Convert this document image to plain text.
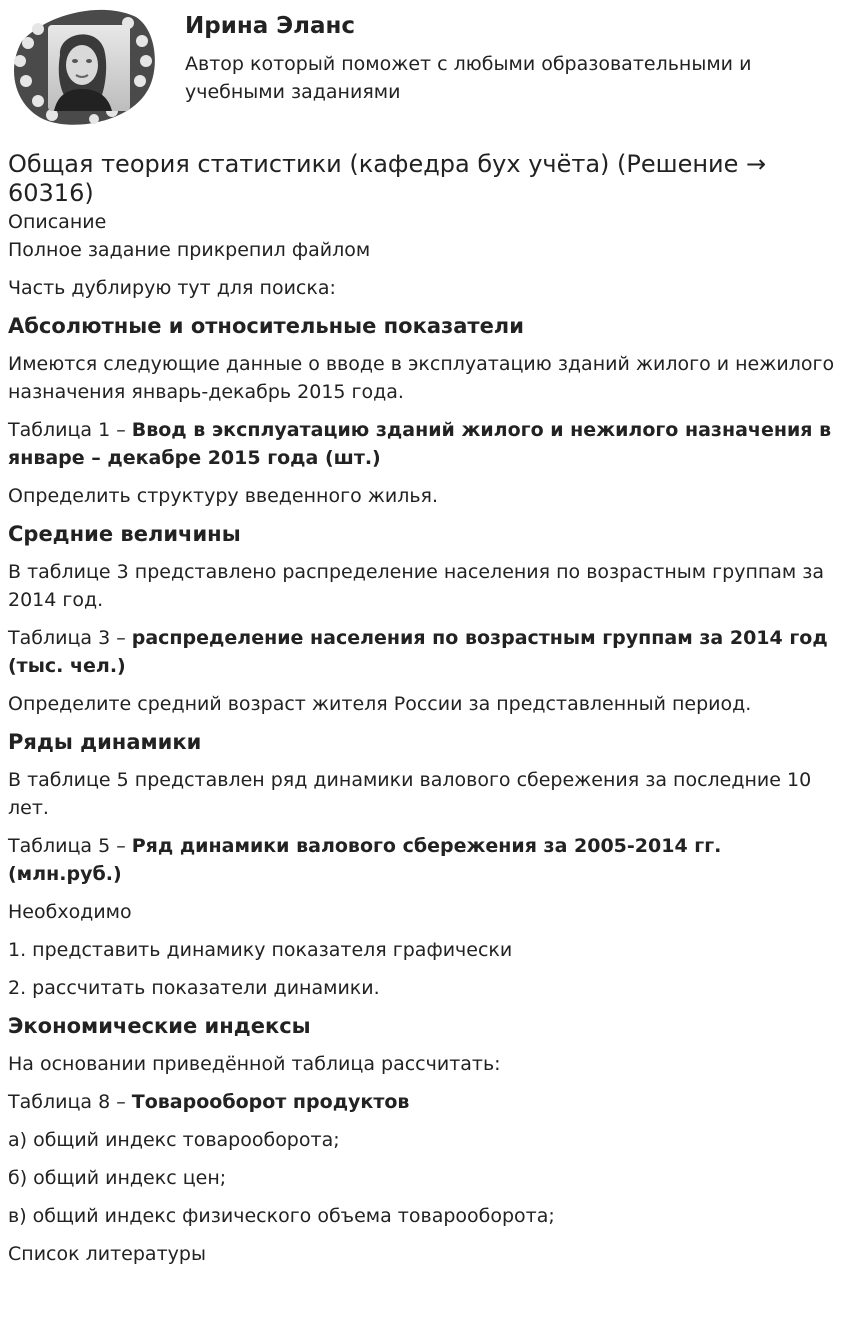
Ирина Эланс
Автор который поможет с любыми образовательными и учебными заданиями
Общая теория статистики (кафедра бух учёта) (Решение → 60316)

Описание

Полное задание прикрепил файлом

Часть дублирую тут для поиска:

Абсолютные и относительные показатели

Имеются следующие данные о вводе в эксплуатацию зданий жилого и нежилого назначения январь-декабрь 2015 года.

Таблица 1 – Ввод в эксплуатацию зданий жилого и нежилого назначения в январе – декабре 2015 года (шт.)

Определить структуру введенного жилья.

Средние величины

В таблице 3 представлено распределение населения по возрастным группам за 2014 год.

Таблица 3 – распределение населения по возрастным группам за 2014 год (тыс. чел.)

Определите средний возраст жителя России за представленный период.

Ряды динамики

В таблице 5 представлен ряд динамики валового сбережения за последние 10 лет.

Таблица 5 – Ряд динамики валового сбережения за 2005-2014 гг. (млн.руб.)

Необходимо

1. представить динамику показателя графически

2. рассчитать показатели динамики.

Экономические индексы

На основании приведённой таблица рассчитать:

Таблица 8 – Товарооборот продуктов

а) общий индекс товарооборота;

б) общий индекс цен;

в) общий индекс физического объема товарооборота;

Список литературы
